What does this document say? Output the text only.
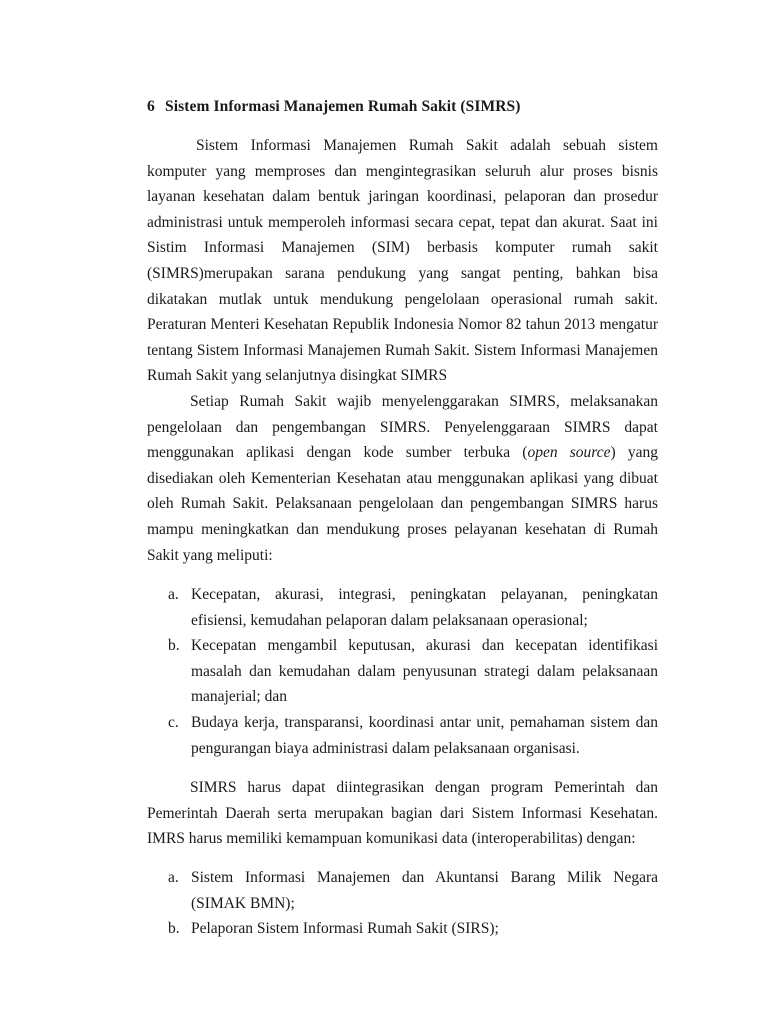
6 Sistem Informasi Manajemen Rumah Sakit (SIMRS)

Sistem Informasi Manajemen Rumah Sakit adalah sebuah sistem komputer yang memproses dan mengintegrasikan seluruh alur proses bisnis layanan kesehatan dalam bentuk jaringan koordinasi, pelaporan dan prosedur administrasi untuk memperoleh informasi secara cepat, tepat dan akurat. Saat ini Sistim Informasi Manajemen (SIM) berbasis komputer rumah sakit (SIMRS)merupakan sarana pendukung yang sangat penting, bahkan bisa dikatakan mutlak untuk mendukung pengelolaan operasional rumah sakit. Peraturan Menteri Kesehatan Republik Indonesia Nomor 82 tahun 2013 mengatur tentang Sistem Informasi Manajemen Rumah Sakit. Sistem Informasi Manajemen Rumah Sakit yang selanjutnya disingkat SIMRS

Setiap Rumah Sakit wajib menyelenggarakan SIMRS, melaksanakan pengelolaan dan pengembangan SIMRS. Penyelenggaraan SIMRS dapat menggunakan aplikasi dengan kode sumber terbuka (open source) yang disediakan oleh Kementerian Kesehatan atau menggunakan aplikasi yang dibuat oleh Rumah Sakit. Pelaksanaan pengelolaan dan pengembangan SIMRS harus mampu meningkatkan dan mendukung proses pelayanan kesehatan di Rumah Sakit yang meliputi:

a. Kecepatan, akurasi, integrasi, peningkatan pelayanan, peningkatan efisiensi, kemudahan pelaporan dalam pelaksanaan operasional;
b. Kecepatan mengambil keputusan, akurasi dan kecepatan identifikasi masalah dan kemudahan dalam penyusunan strategi dalam pelaksanaan manajerial; dan
c. Budaya kerja, transparansi, koordinasi antar unit, pemahaman sistem dan pengurangan biaya administrasi dalam pelaksanaan organisasi.

SIMRS harus dapat diintegrasikan dengan program Pemerintah dan Pemerintah Daerah serta merupakan bagian dari Sistem Informasi Kesehatan. IMRS harus memiliki kemampuan komunikasi data (interoperabilitas) dengan:

a. Sistem Informasi Manajemen dan Akuntansi Barang Milik Negara (SIMAK BMN);
b. Pelaporan Sistem Informasi Rumah Sakit (SIRS);
